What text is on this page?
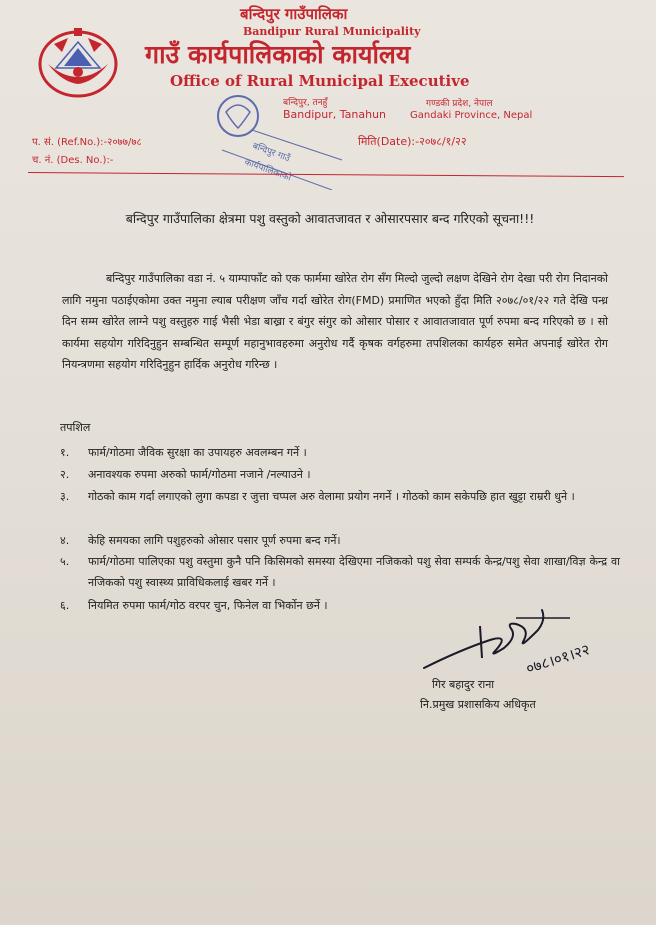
बन्दिपुर गाउँपालिका
Bandipur Rural Municipality
गाउँ कार्यपालिकाको कार्यालय
Office of Rural Municipal Executive
बन्दिपुर गाउँ
कार्यपालिकाको
बन्दिपुर, तनहुँ
Bandipur, Tanahun
गण्डकी प्रदेश, नेपाल
Gandaki Province, Nepal
प. सं. (Ref.No.):-२०७७/७८
च. नं. (Des. No.):-
मिति(Date):-२०७८/१/२२
बन्दिपुर गाउँपालिका क्षेत्रमा पशु वस्तुको आवातजावत र ओसारपसार बन्द गरिएको सूचना!!!
बन्दिपुर गाउँपालिका वडा नं. ५ याम्पाफाँट को एक फार्ममा खोरेत रोग सँग मिल्दो जुल्दो लक्षण देखिने रोग देखा परी रोग निदानको लागि नमुना पठाईएकोमा उक्त नमुना ल्याब परीक्षण जाँच गर्दा खोरेत रोग(FMD) प्रमाणित भएको हुँदा मिति २०७८/०१/२२ गते देखि पन्ध्र दिन सम्म खोरेत लाग्ने पशु वस्तुहरु गाई भैसी भेडा बाख्रा र बंगुर संगुर को ओसार पोसार र आवातजावात पूर्ण रुपमा बन्द गरिएको छ । सो कार्यमा सहयोग गरिदिनुहुन सम्बन्धित सम्पूर्ण महानुभावहरुमा अनुरोध गर्दै कृषक वर्गहरुमा तपशिलका कार्यहरु समेत अपनाई खोरेत रोग नियन्त्रणमा सहयोग गरिदिनुहुन हार्दिक अनुरोध गरिन्छ ।
तपशिल
१. फार्म/गोठमा जैविक सुरक्षा का उपायहरु अवलम्बन गर्ने ।
२. अनावश्यक रुपमा अरुको फार्म/गोठमा नजाने /नल्याउने ।
३.	गोठको काम गर्दा लगाएको लुगा कपडा र जुत्ता चप्पल अरु वेलामा प्रयोग नगर्ने । गोठको काम सकेपछि हात खुट्टा राम्ररी धुने ।
४. केहि समयका लागि पशुहरुको ओसार पसार पूर्ण रुपमा बन्द गर्ने।
५.	फार्म/गोठमा पालिएका पशु वस्तुमा कुनै पनि किसिमको समस्या देखिएमा नजिकको पशु सेवा सम्पर्क केन्द्र/पशु सेवा शाखा/विज्ञ केन्द्र वा नजिकको पशु स्वास्थ्य प्राविधिकलाई खबर गर्ने ।
६. नियमित रुपमा फार्म/गोठ वरपर चुन, फिनेल वा भिर्कोन छर्ने ।
०७८।०१।२२
गिर बहादुर राना
नि.प्रमुख प्रशासकिय अधिकृत
